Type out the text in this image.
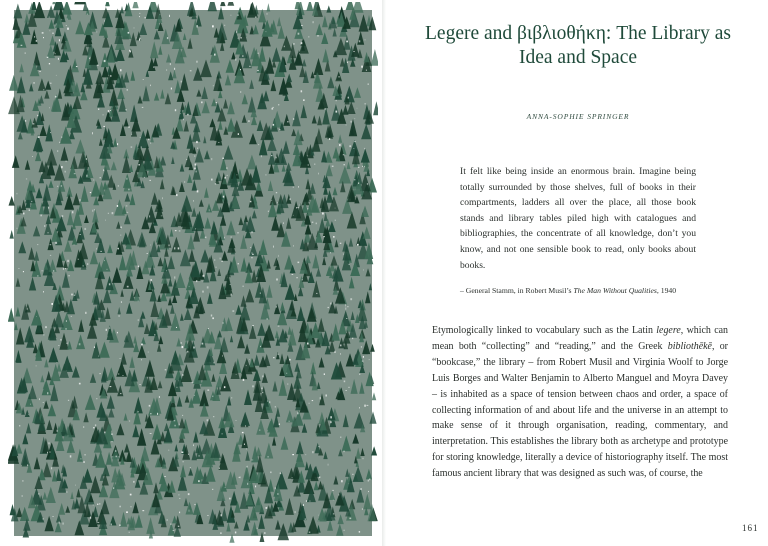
Legere and βιβλιοθήκη: The Library as Idea and Space
ANNA-SOPHIE SPRINGER

It felt like being inside an enormous brain. Imagine being totally surrounded by those shelves, full of books in their compartments, ladders all over the place, all those book stands and library tables piled high with catalogues and bibliographies, the concentrate of all knowledge, don’t you know, and not one sensible book to read, only books about books.

– General Stamm, in Robert Musil’s The Man Without Qualities, 1940

Etymologically linked to vocabulary such as the Latin legere, which can mean both “collecting” and “reading,” and the Greek bibliothēkē, or “bookcase,” the library – from Robert Musil and Virginia Woolf to Jorge Luis Borges and Walter Benjamin to Alberto Manguel and Moyra Davey – is inhabited as a space of tension between chaos and order, a space of collecting information of and about life and the universe in an attempt to make sense of it through organisation, reading, commentary, and interpretation. This establishes the library both as archetype and prototype for storing knowledge, literally a device of historiography itself. The most famous ancient library that was designed as such was, of course, the

161
